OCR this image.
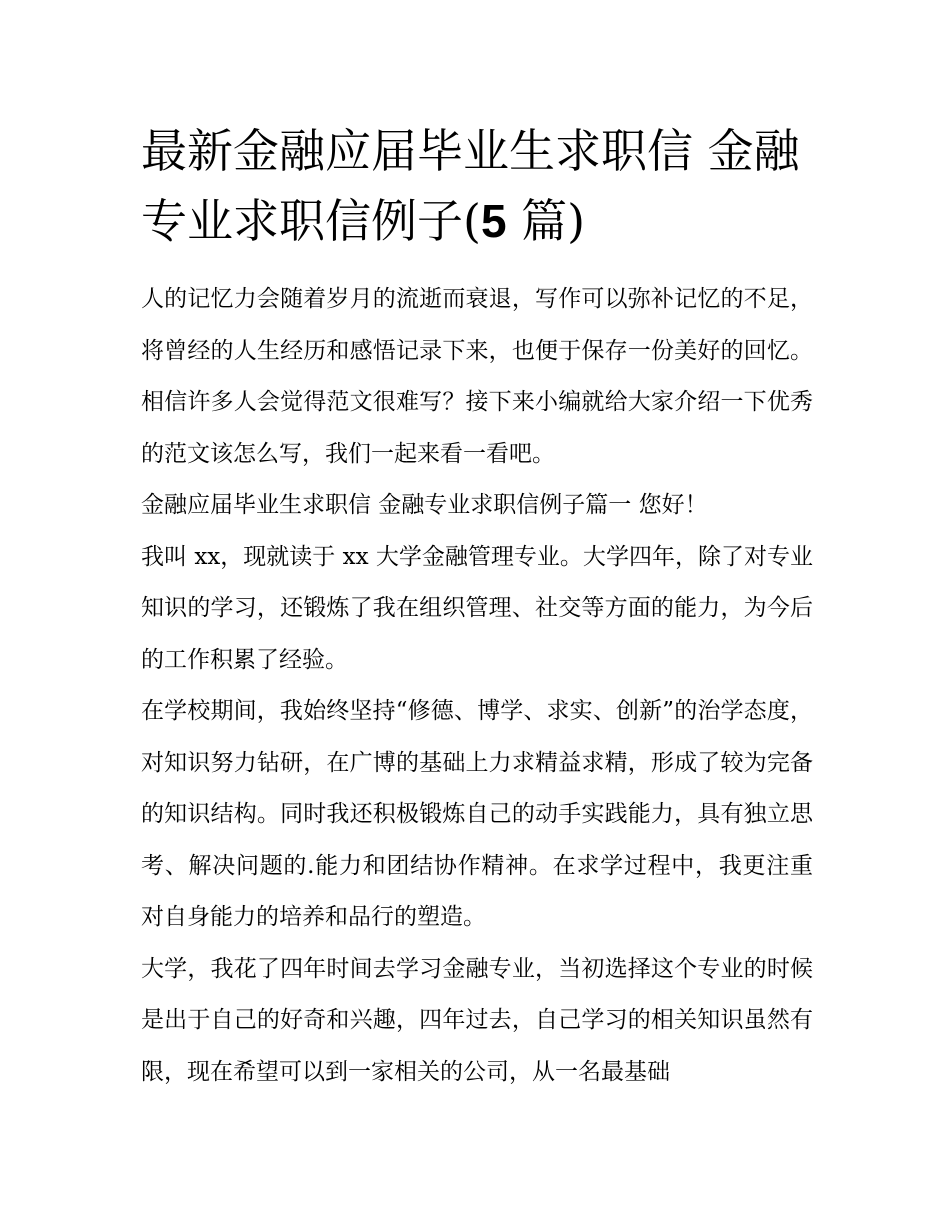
最新金融应届毕业生求职信 金融专业求职信例子(5 篇)

人的记忆力会随着岁月的流逝而衰退，写作可以弥补记忆的不足，将曾经的人生经历和感悟记录下来，也便于保存一份美好的回忆。相信许多人会觉得范文很难写？接下来小编就给大家介绍一下优秀的范文该怎么写，我们一起来看一看吧。

金融应届毕业生求职信 金融专业求职信例子篇一 您好！

我叫 xx，现就读于 xx 大学金融管理专业。大学四年，除了对专业知识的学习，还锻炼了我在组织管理、社交等方面的能力，为今后的工作积累了经验。

在学校期间，我始终坚持“修德、博学、求实、创新”的治学态度，对知识努力钻研，在广博的基础上力求精益求精，形成了较为完备的知识结构。同时我还积极锻炼自己的动手实践能力，具有独立思考、解决问题的.能力和团结协作精神。在求学过程中，我更注重对自身能力的培养和品行的塑造。

大学，我花了四年时间去学习金融专业，当初选择这个专业的时候是出于自己的好奇和兴趣，四年过去，自己学习的相关知识虽然有限，现在希望可以到一家相关的公司，从一名最基础
